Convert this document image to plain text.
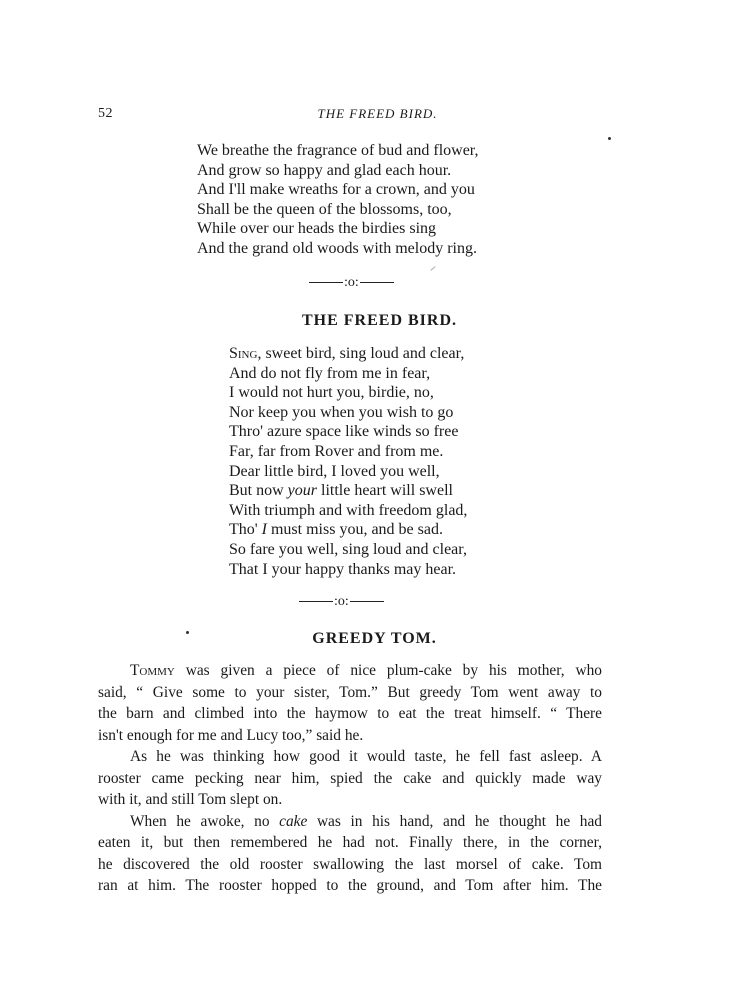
52	THE FREED BIRD.
We breathe the fragrance of bud and flower,
And grow so happy and glad each hour.
And I'll make wreaths for a crown, and you
Shall be the queen of the blossoms, too,
While over our heads the birdies sing
And the grand old woods with melody ring.
:o:
THE FREED BIRD.
Sing, sweet bird, sing loud and clear,
And do not fly from me in fear,
I would not hurt you, birdie, no,
Nor keep you when you wish to go
Thro' azure space like winds so free
Far, far from Rover and from me.
Dear little bird, I loved you well,
But now your little heart will swell
With triumph and with freedom glad,
Tho' I must miss you, and be sad.
So fare you well, sing loud and clear,
That I your happy thanks may hear.
:o:
GREEDY TOM.
Tommy was given a piece of nice plum-cake by his mother, who
said, “ Give some to your sister, Tom.” But greedy Tom went away to
the barn and climbed into the haymow to eat the treat himself. “ There
isn't enough for me and Lucy too,” said he.
As he was thinking how good it would taste, he fell fast asleep. A
rooster came pecking near him, spied the cake and quickly made way
with it, and still Tom slept on.
When he awoke, no cake was in his hand, and he thought he had
eaten it, but then remembered he had not. Finally there, in the corner,
he discovered the old rooster swallowing the last morsel of cake. Tom
ran at him. The rooster hopped to the ground, and Tom after him. The
